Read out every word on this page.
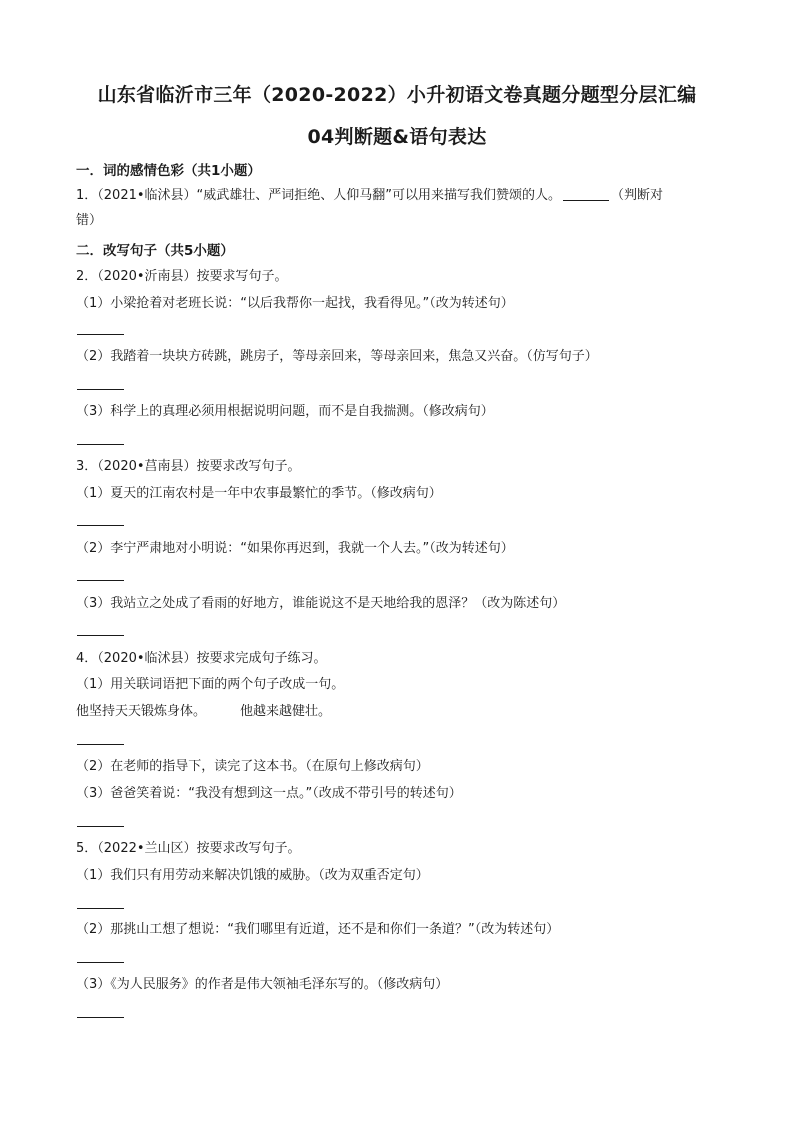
山东省临沂市三年（2020-2022）小升初语文卷真题分题型分层汇编
04判断题&语句表达
一．词的感情色彩（共1小题）
1．（2021•临沭县）“威武雄壮、严词拒绝、人仰马翻”可以用来描写我们赞颂的人。	（判断对
错）
二．改写句子（共5小题）
2．（2020•沂南县）按要求写句子。
（1）小梁抢着对老班长说：“以后我帮你一起找，我看得见。”（改为转述句）
（2）我踏着一块块方砖跳，跳房子，等母亲回来，等母亲回来，焦急又兴奋。（仿写句子）
（3）科学上的真理必须用根据说明问题，而不是自我揣测。（修改病句）
3．（2020•莒南县）按要求改写句子。
（1）夏天的江南农村是一年中农事最繁忙的季节。（修改病句）
（2）李宁严肃地对小明说：“如果你再迟到，我就一个人去。”（改为转述句）
（3）我站立之处成了看雨的好地方，谁能说这不是天地给我的恩泽？（改为陈述句）
4．（2020•临沭县）按要求完成句子练习。
（1）用关联词语把下面的两个句子改成一句。
他坚持天天锻炼身体。	他越来越健壮。
（2）在老师的指导下，读完了这本书。（在原句上修改病句）
（3）爸爸笑着说：“我没有想到这一点。”（改成不带引号的转述句）
5．（2022•兰山区）按要求改写句子。
（1）我们只有用劳动来解决饥饿的威胁。（改为双重否定句）
（2）那挑山工想了想说：“我们哪里有近道，还不是和你们一条道？”（改为转述句）
（3）《为人民服务》的作者是伟大领袖毛泽东写的。（修改病句）
